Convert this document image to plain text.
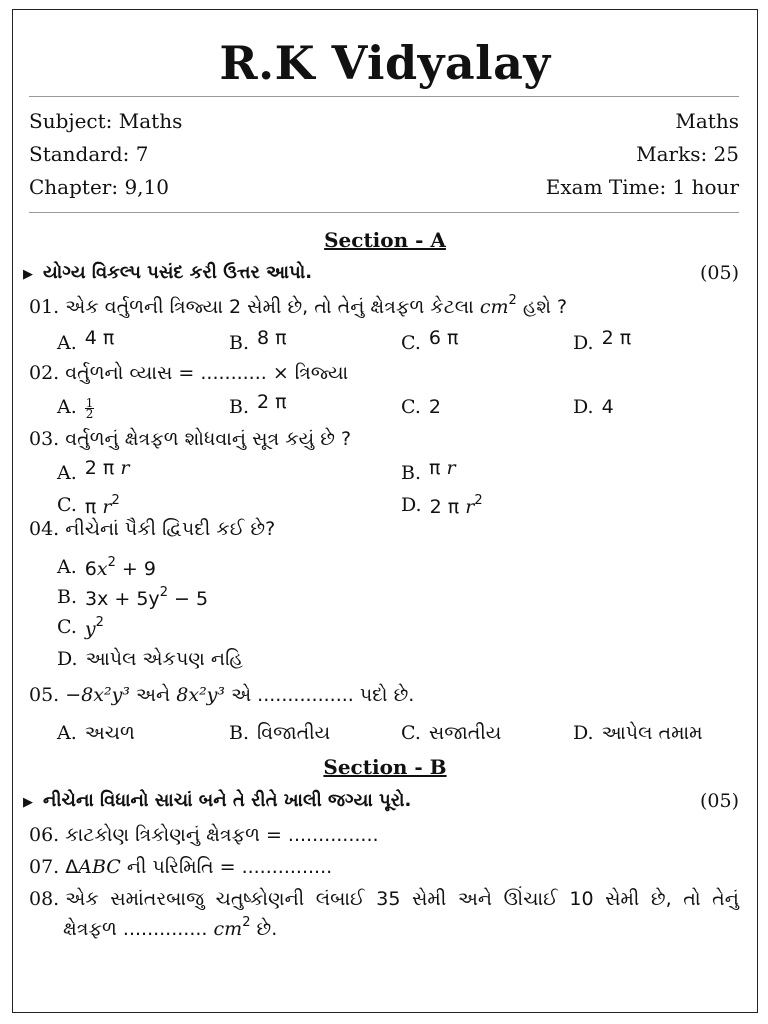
R.K Vidyalay
Subject: Maths	Maths
Standard: 7	Marks: 25
Chapter: 9,10	Exam Time: 1 hour
Section - A
▶ યોગ્ય વિકલ્પ પસંદ કરી ઉત્તર આપો.	(05)
01. એક વર્તુળની ત્રિજ્યા 2 સેમી છે, તો તેનું ક્ષેત્રફળ કેટલા $cm^2$ હશે ?
A. 4 π	B. 8 π	C. 6 π	D. 2 π
02. વર્તુળનો વ્યાસ = ........... × ત્રિજ્યા
A. $\frac{1}{2}$	B. 2 π	C. 2	D. 4
03. વર્તુળનું ક્ષેત્રફળ શોધવાનું સૂત્ર કયું છે ?
A. 2 π r	B. π r
C. π $r^2$	D. 2 π $r^2$
04. નીચેનાં પૈકી દ્વિપદી કઈ છે?
A. $6x^2 + 9$
B. $3x + 5y^2 - 5$
C. $y^2$
D. આપેલ એકપણ નહિ
05. −8x²y³ અને 8x²y³ એ ................ પદો છે.
A. અચળ	B. વિજાતીય	C. સજાતીય	D. આપેલ તમામ
Section - B
▶ નીચેના વિધાનો સાચાં બને તે રીતે ખાલી જગ્યા પૂરો.	(05)
06. કાટકોણ ત્રિકોણનું ક્ષેત્રફળ = ...............
07. ΔABC ની પરિમિતિ = ...............
08. એક સમાંતરબાજુ ચતુષ્કોણની લંબાઈ 35 સેમી અને ઊંચાઈ 10 સેમી છે, તો તેનું
ક્ષેત્રફળ .............. $cm^2$ છે.
